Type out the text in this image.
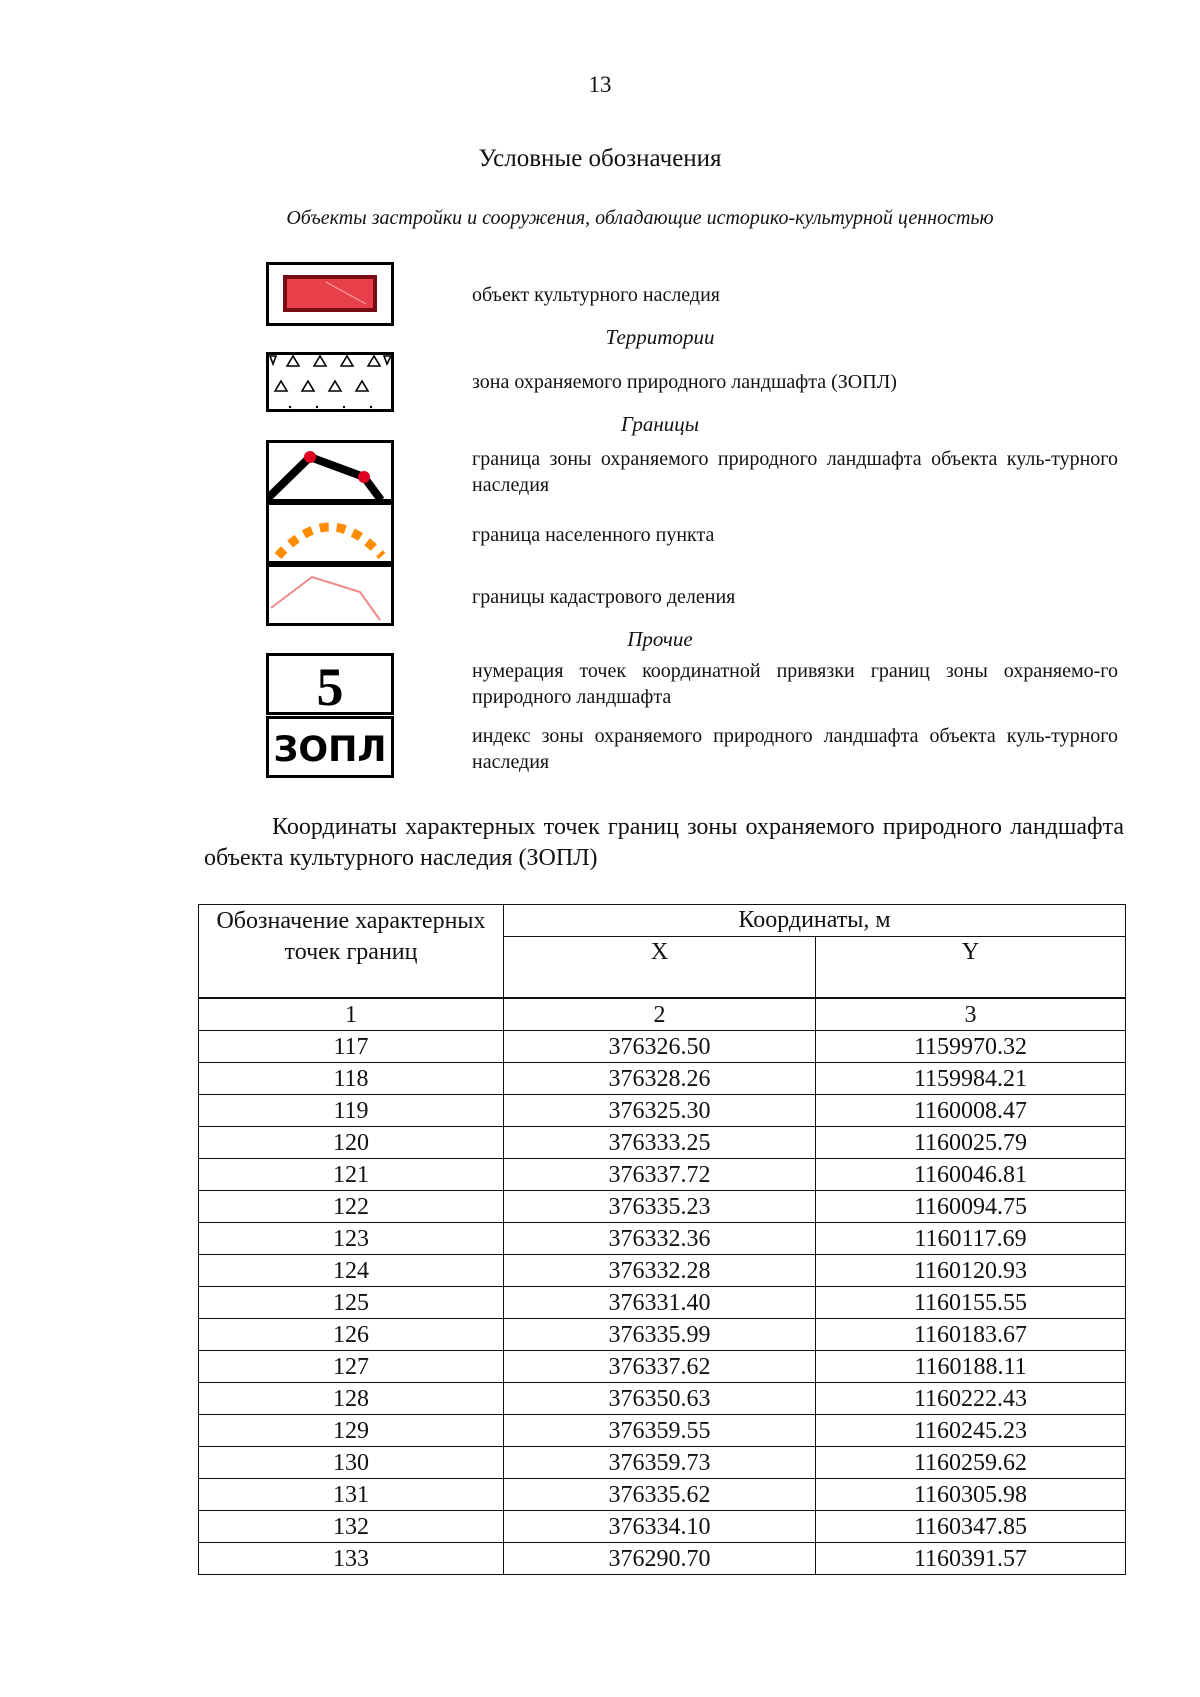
13
Условные обозначения
Объекты застройки и сооружения, обладающие историко-культурной ценностью
объект культурного наследия
Территории
зона охраняемого природного ландшафта (ЗОПЛ)
Границы
граница зоны охраняемого природного ландшафта объекта куль-турного наследия
граница населенного пункта
границы кадастрового деления
Прочие
5	нумерация точек координатной привязки границ зоны охраняемо-го природного ландшафта
ЗОПЛ	индекс зоны охраняемого природного ландшафта объекта куль-турного наследия
Координаты характерных точек границ зоны охраняемого природного ландшафта объекта культурного наследия (ЗОПЛ)
Обозначение характерных точек границ	Координаты, м	
	X	Y
1	2	3
117	376326.50	1159970.32
118	376328.26	1159984.21
119	376325.30	1160008.47
120	376333.25	1160025.79
121	376337.72	1160046.81
122	376335.23	1160094.75
123	376332.36	1160117.69
124	376332.28	1160120.93
125	376331.40	1160155.55
126	376335.99	1160183.67
127	376337.62	1160188.11
128	376350.63	1160222.43
129	376359.55	1160245.23
130	376359.73	1160259.62
131	376335.62	1160305.98
132	376334.10	1160347.85
133	376290.70	1160391.57
